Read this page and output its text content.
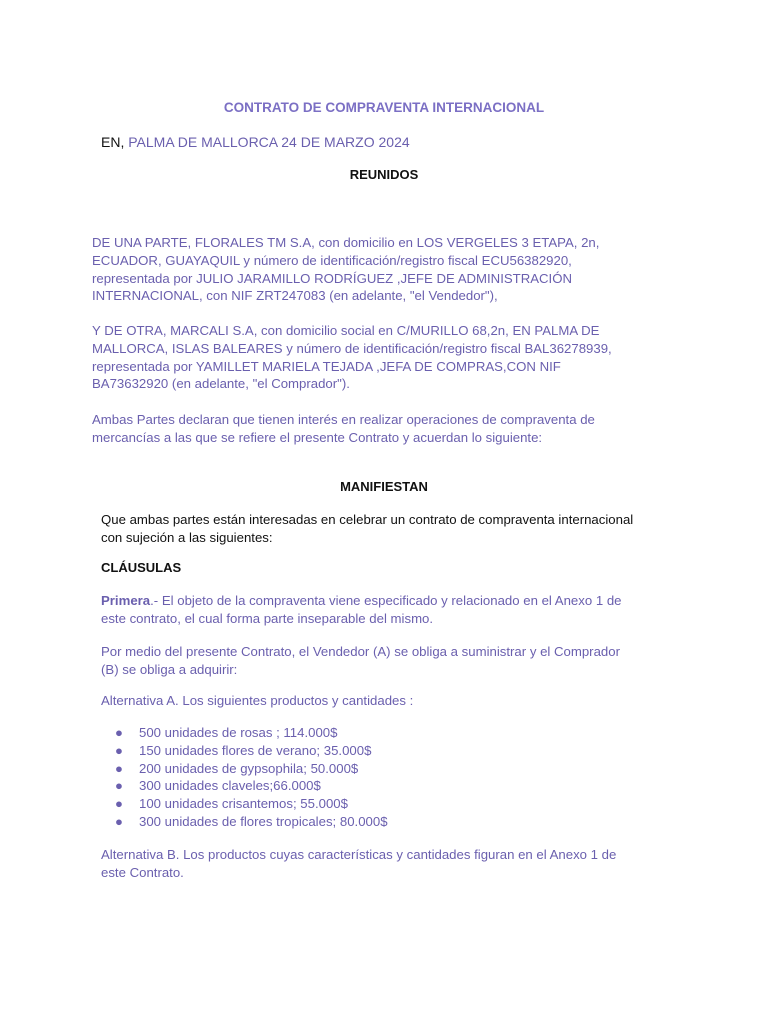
CONTRATO DE COMPRAVENTA INTERNACIONAL

EN, PALMA DE MALLORCA 24 DE MARZO 2024

REUNIDOS

DE UNA PARTE, FLORALES TM S.A, con domicilio en LOS VERGELES 3 ETAPA, 2n,
ECUADOR, GUAYAQUIL y número de identificación/registro fiscal ECU56382920,
representada por JULIO JARAMILLO RODRÍGUEZ ,JEFE DE ADMINISTRACIÓN
INTERNACIONAL, con NIF ZRT247083 (en adelante, "el Vendedor"),

Y DE OTRA, MARCALI S.A, con domicilio social en C/MURILLO 68,2n, EN PALMA DE
MALLORCA, ISLAS BALEARES y número de identificación/registro fiscal BAL36278939,
representada por YAMILLET MARIELA TEJADA ,JEFA DE COMPRAS,CON NIF
BA73632920 (en adelante, "el Comprador").

Ambas Partes declaran que tienen interés en realizar operaciones de compraventa de
mercancías a las que se refiere el presente Contrato y acuerdan lo siguiente:

MANIFIESTAN

Que ambas partes están interesadas en celebrar un contrato de compraventa internacional
con sujeción a las siguientes:

CLÁUSULAS

Primera.- El objeto de la compraventa viene especificado y relacionado en el Anexo 1 de
este contrato, el cual forma parte inseparable del mismo.

Por medio del presente Contrato, el Vendedor (A) se obliga a suministrar y el Comprador
(B) se obliga a adquirir:

Alternativa A. Los siguientes productos y cantidades :

● 500 unidades de rosas ; 114.000$
● 150 unidades flores de verano; 35.000$
● 200 unidades de gypsophila; 50.000$
● 300 unidades claveles;66.000$
● 100 unidades crisantemos; 55.000$
● 300 unidades de flores tropicales; 80.000$

Alternativa B. Los productos cuyas características y cantidades figuran en el Anexo 1 de
este Contrato.
